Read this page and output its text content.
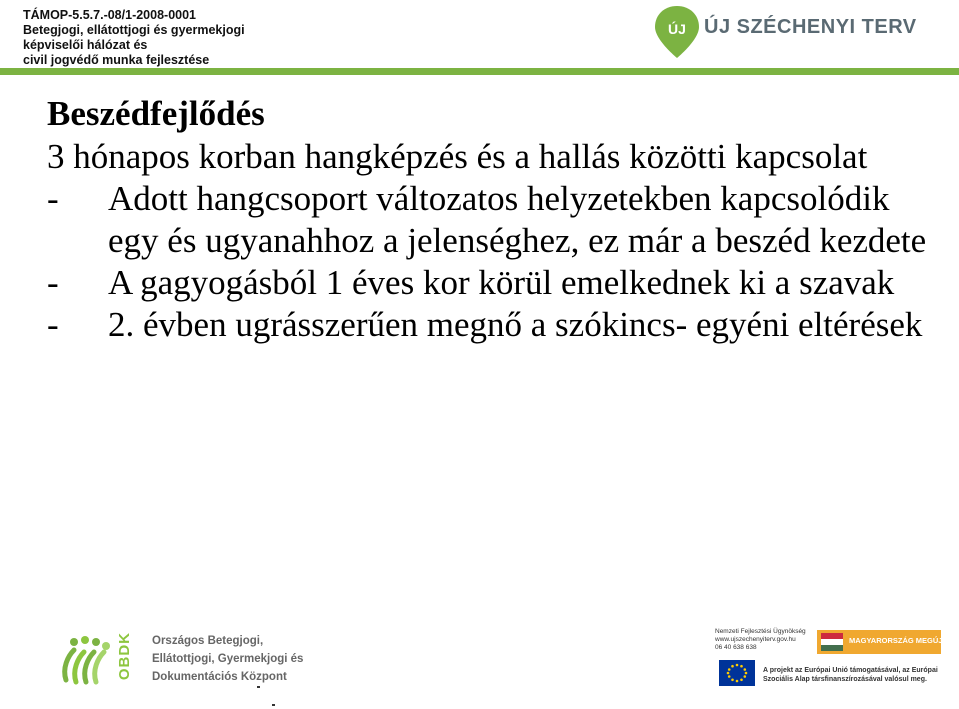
TÁMOP-5.5.7.-08/1-2008-0001
Betegjogi, ellátottjogi és gyermekjogi
képviselői hálózat és
civil jogvédő munka fejlesztése
ÚJ ÚJ SZÉCHENYI TERV
Beszédfejlődés

3 hónapos korban hangképzés és a hallás közötti kapcsolat

-	Adott hangcsoport változatos helyzetekben kapcsolódik egy és ugyanahhoz a jelenséghez, ez már a beszéd kezdete
-	A gagyogásból 1 éves kor körül emelkednek ki a szavak
-	2. évben ugrásszerűen megnő a szókincs- egyéni eltérések
OBDK Országos Betegjogi,
Ellátottjogi, Gyermekjogi és
Dokumentációs Központ
Nemzeti Fejlesztési Ügynökség
www.ujszechenyiterv.gov.hu
06 40 638 638
MAGYARORSZÁG MEGÚJUL
A projekt az Európai Unió támogatásával, az Európai
Szociális Alap társfinanszírozásával valósul meg.
